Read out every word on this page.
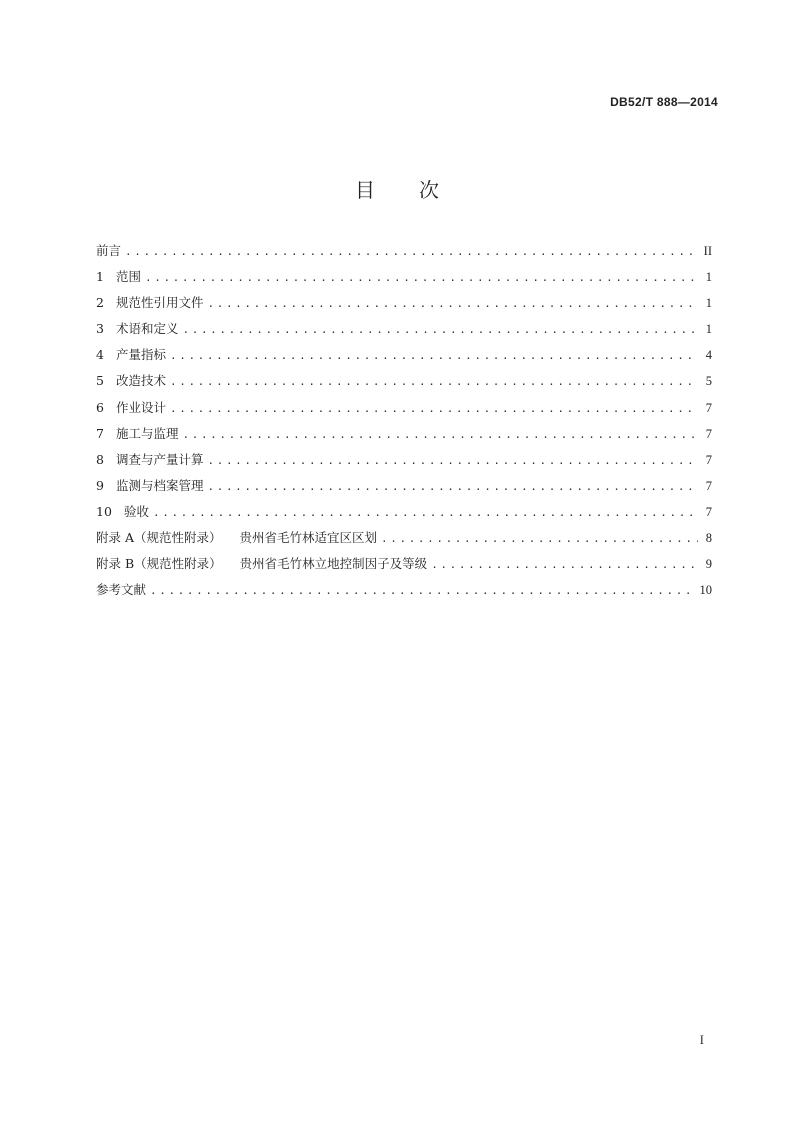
DB52/T 888—2014
目 次
前言 .....	II
1 范围 .....	1
2 规范性引用文件 .....	1
3 术语和定义 .....	1
4 产量指标 .....	4
5 改造技术 .....	5
6 作业设计 .....	7
7 施工与监理 .....	7
8 调查与产量计算 .....	7
9 监测与档案管理 .....	7
10 验收 .....	7
附录 A（规范性附录） 贵州省毛竹林适宜区区划 .....	8
附录 B（规范性附录） 贵州省毛竹林立地控制因子及等级 .....	9
参考文献 .....	10
I
